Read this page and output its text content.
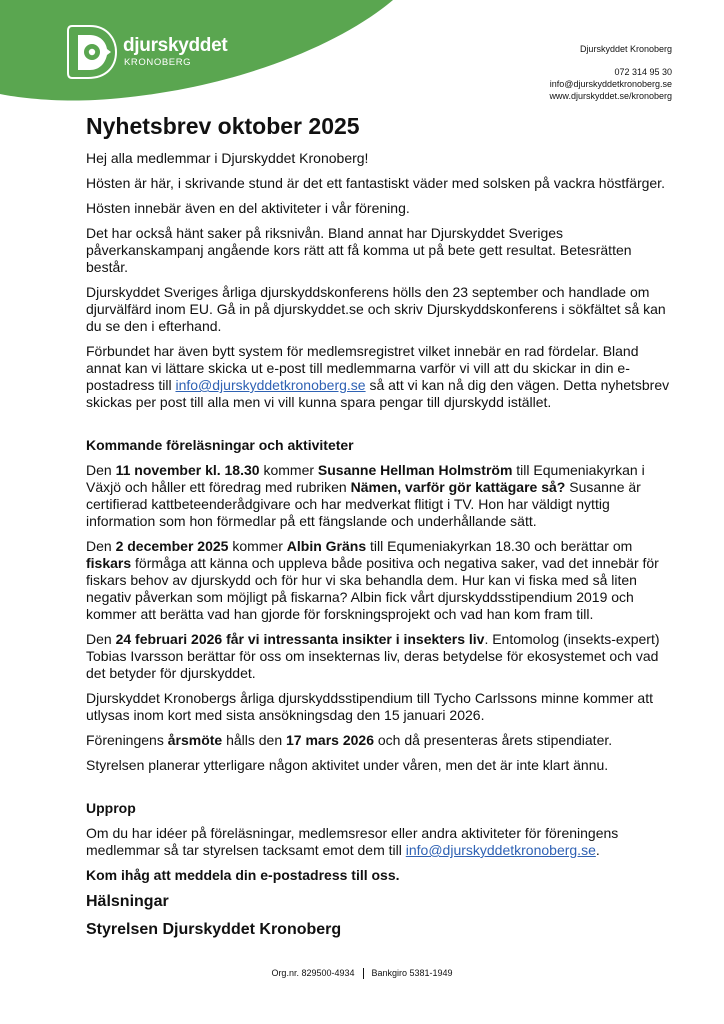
djurskyddet
KRONOBERG
Djurskyddet Kronoberg
072 314 95 30
info@djurskyddetkronoberg.se
www.djurskyddet.se/kronoberg
Nyhetsbrev oktober 2025

Hej alla medlemmar i Djurskyddet Kronoberg!

Hösten är här, i skrivande stund är det ett fantastiskt väder med solsken på vackra höstfärger.

Hösten innebär även en del aktiviteter i vår förening.

Det har också hänt saker på riksnivån. Bland annat har Djurskyddet Sveriges påverkanskampanj angående kors rätt att få komma ut på bete gett resultat. Betesrätten består.

Djurskyddet Sveriges årliga djurskyddskonferens hölls den 23 september och handlade om djurvälfärd inom EU. Gå in på djurskyddet.se och skriv Djurskyddskonferens i sökfältet så kan du se den i efterhand.

Förbundet har även bytt system för medlemsregistret vilket innebär en rad fördelar. Bland annat kan vi lättare skicka ut e-post till medlemmarna varför vi vill att du skickar in din e-postadress till info@djurskyddetkronoberg.se så att vi kan nå dig den vägen. Detta nyhetsbrev skickas per post till alla men vi vill kunna spara pengar till djurskydd istället.

Kommande föreläsningar och aktiviteter

Den 11 november kl. 18.30 kommer Susanne Hellman Holmström till Equmeniakyrkan i Växjö och håller ett föredrag med rubriken Nämen, varför gör kattägare så? Susanne är certifierad kattbeteenderådgivare och har medverkat flitigt i TV. Hon har väldigt nyttig information som hon förmedlar på ett fängslande och underhållande sätt.

Den 2 december 2025 kommer Albin Gräns till Equmeniakyrkan 18.30 och berättar om fiskars förmåga att känna och uppleva både positiva och negativa saker, vad det innebär för fiskars behov av djurskydd och för hur vi ska behandla dem. Hur kan vi fiska med så liten negativ påverkan som möjligt på fiskarna? Albin fick vårt djurskyddsstipendium 2019 och kommer att berätta vad han gjorde för forskningsprojekt och vad han kom fram till.

Den 24 februari 2026 får vi intressanta insikter i insekters liv. Entomolog (insekts-expert) Tobias Ivarsson berättar för oss om insekternas liv, deras betydelse för ekosystemet och vad det betyder för djurskyddet.

Djurskyddet Kronobergs årliga djurskyddsstipendium till Tycho Carlssons minne kommer att utlysas inom kort med sista ansökningsdag den 15 januari 2026.

Föreningens årsmöte hålls den 17 mars 2026 och då presenteras årets stipendiater.

Styrelsen planerar ytterligare någon aktivitet under våren, men det är inte klart ännu.

Upprop

Om du har idéer på föreläsningar, medlemsresor eller andra aktiviteter för föreningens medlemmar så tar styrelsen tacksamt emot dem till info@djurskyddetkronoberg.se.

Kom ihåg att meddela din e-postadress till oss.

Hälsningar
Styrelsen Djurskyddet Kronoberg
Org.nr. 829500-4934 Bankgiro 5381-1949
